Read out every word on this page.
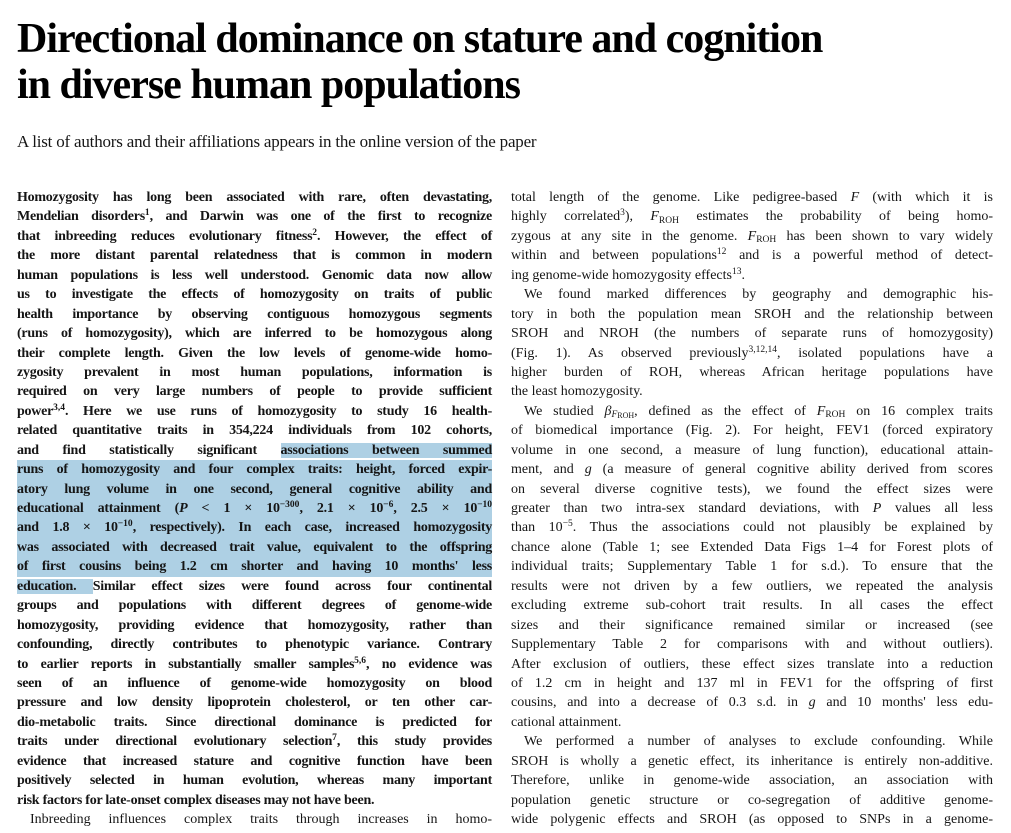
Directional dominance on stature and cognition
in diverse human populations
A list of authors and their affiliations appears in the online version of the paper
Homozygosity has long been associated with rare, often devastating,
Mendelian disorders$^1$, and Darwin was one of the first to recognize
that inbreeding reduces evolutionary fitness$^2$. However, the effect of
the more distant parental relatedness that is common in modern
human populations is less well understood. Genomic data now allow
us to investigate the effects of homozygosity on traits of public
health importance by observing contiguous homozygous segments
(runs of homozygosity), which are inferred to be homozygous along
their complete length. Given the low levels of genome-wide homo-
zygosity prevalent in most human populations, information is
required on very large numbers of people to provide sufficient
power$^{3,4}$. Here we use runs of homozygosity to study 16 health-
related quantitative traits in 354,224 individuals from 102 cohorts,
and find statistically significant associations between summed
runs of homozygosity and four complex traits: height, forced expir-
atory lung volume in one second, general cognitive ability and
educational attainment ($P < 1 \times 10^{-300}$, $2.1 \times 10^{-6}$, $2.5 \times 10^{-10}$
and $1.8 \times 10^{-10}$, respectively). In each case, increased homozygosity
was associated with decreased trait value, equivalent to the offspring
of first cousins being 1.2 cm shorter and having 10 months' less
education. Similar effect sizes were found across four continental
groups and populations with different degrees of genome-wide
homozygosity, providing evidence that homozygosity, rather than
confounding, directly contributes to phenotypic variance. Contrary
to earlier reports in substantially smaller samples$^{5,6}$, no evidence was
seen of an influence of genome-wide homozygosity on blood
pressure and low density lipoprotein cholesterol, or ten other car-
dio-metabolic traits. Since directional dominance is predicted for
traits under directional evolutionary selection$^7$, this study provides
evidence that increased stature and cognitive function have been
positively selected in human evolution, whereas many important
risk factors for late-onset complex diseases may not have been.
Inbreeding influences complex traits through increases in homo-
total length of the genome. Like pedigree-based F (with which it is
highly correlated$^3$), FROH estimates the probability of being homo-
zygous at any site in the genome. FROH has been shown to vary widely
within and between populations$^{12}$ and is a powerful method of detect-
ing genome-wide homozygosity effects$^{13}$.
We found marked differences by geography and demographic his-
tory in both the population mean SROH and the relationship between
SROH and NROH (the numbers of separate runs of homozygosity)
(Fig. 1). As observed previously$^{3,12,14}$, isolated populations have a
higher burden of ROH, whereas African heritage populations have
the least homozygosity.
We studied $\beta F_{ROH}$, defined as the effect of FROH on 16 complex traits
of biomedical importance (Fig. 2). For height, FEV1 (forced expiratory
volume in one second, a measure of lung function), educational attain-
ment, and g (a measure of general cognitive ability derived from scores
on several diverse cognitive tests), we found the effect sizes were
greater than two intra-sex standard deviations, with P values all less
than $10^{-5}$. Thus the associations could not plausibly be explained by
chance alone (Table 1; see Extended Data Figs 1–4 for Forest plots of
individual traits; Supplementary Table 1 for s.d.). To ensure that the
results were not driven by a few outliers, we repeated the analysis
excluding extreme sub-cohort trait results. In all cases the effect
sizes and their significance remained similar or increased (see
Supplementary Table 2 for comparisons with and without outliers).
After exclusion of outliers, these effect sizes translate into a reduction
of 1.2 cm in height and 137 ml in FEV1 for the offspring of first
cousins, and into a decrease of 0.3 s.d. in g and 10 months' less edu-
cational attainment.
We performed a number of analyses to exclude confounding. While
SROH is wholly a genetic effect, its inheritance is entirely non-additive.
Therefore, unlike in genome-wide association, an association with
population genetic structure or co-segregation of additive genome-
wide polygenic effects and SROH (as opposed to SNPs in a genome-
